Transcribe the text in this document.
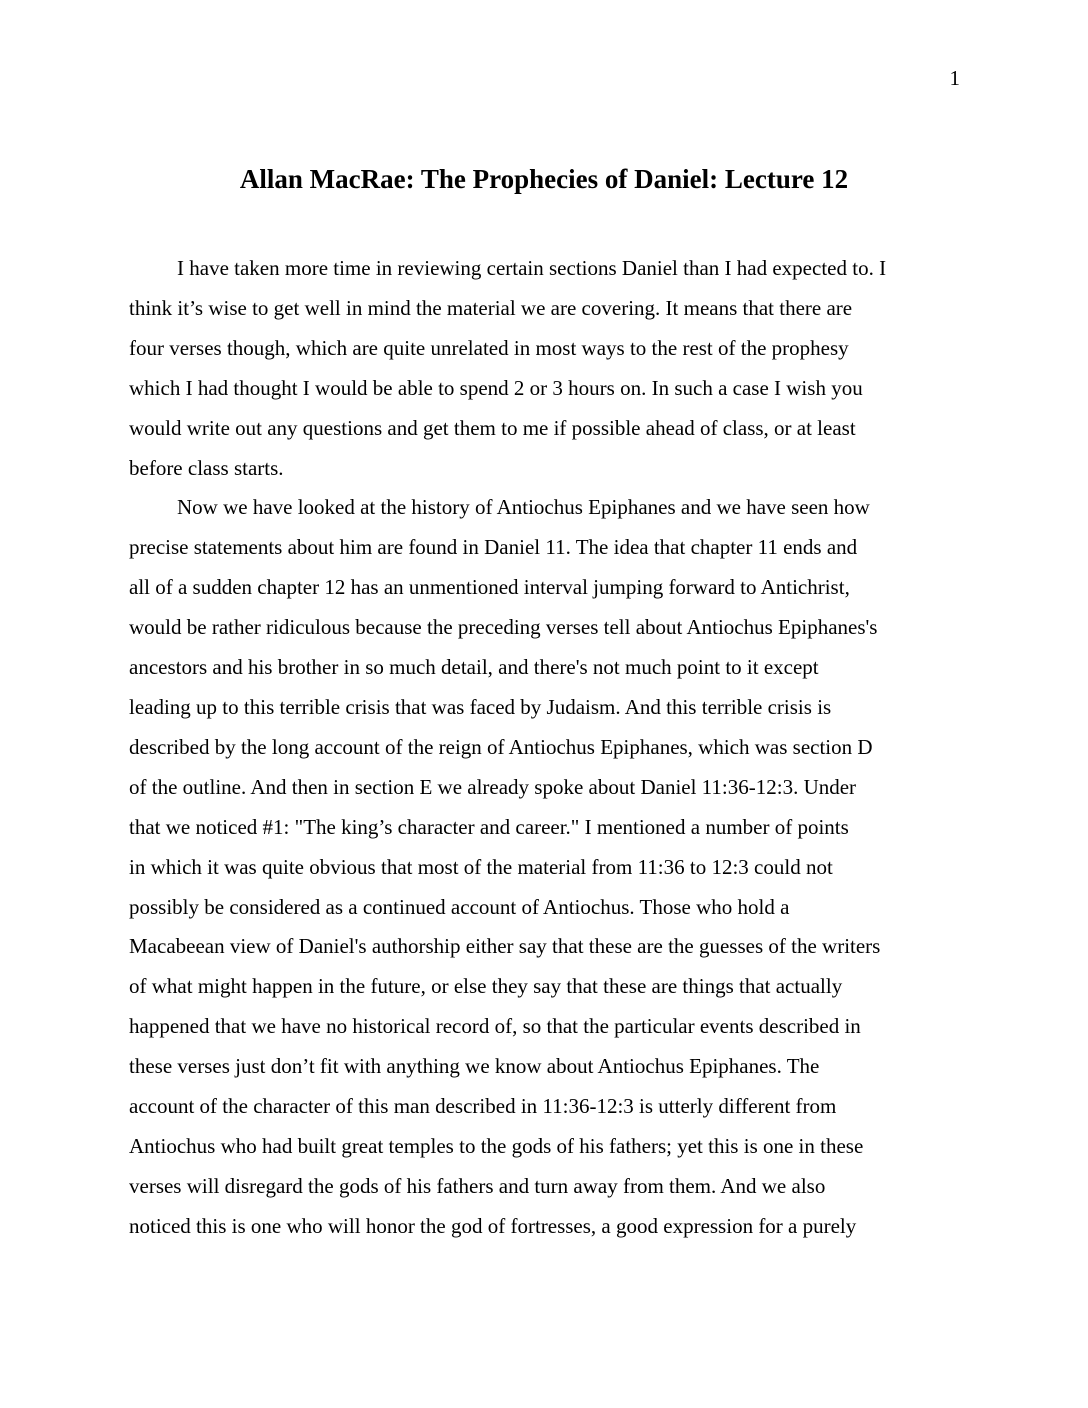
1
Allan MacRae: The Prophecies of Daniel: Lecture 12

I have taken more time in reviewing certain sections Daniel than I had expected to. I
think it’s wise to get well in mind the material we are covering. It means that there are
four verses though, which are quite unrelated in most ways to the rest of the prophesy
which I had thought I would be able to spend 2 or 3 hours on. In such a case I wish you
would write out any questions and get them to me if possible ahead of class, or at least
before class starts.

Now we have looked at the history of Antiochus Epiphanes and we have seen how
precise statements about him are found in Daniel 11. The idea that chapter 11 ends and
all of a sudden chapter 12 has an unmentioned interval jumping forward to Antichrist,
would be rather ridiculous because the preceding verses tell about Antiochus Epiphanes's
ancestors and his brother in so much detail, and there's not much point to it except
leading up to this terrible crisis that was faced by Judaism. And this terrible crisis is
described by the long account of the reign of Antiochus Epiphanes, which was section D
of the outline. And then in section E we already spoke about Daniel 11:36-12:3. Under
that we noticed #1: "The king’s character and career." I mentioned a number of points
in which it was quite obvious that most of the material from 11:36 to 12:3 could not
possibly be considered as a continued account of Antiochus. Those who hold a
Macabeean view of Daniel's authorship either say that these are the guesses of the writers
of what might happen in the future, or else they say that these are things that actually
happened that we have no historical record of, so that the particular events described in
these verses just don’t fit with anything we know about Antiochus Epiphanes. The
account of the character of this man described in 11:36-12:3 is utterly different from
Antiochus who had built great temples to the gods of his fathers; yet this is one in these
verses will disregard the gods of his fathers and turn away from them. And we also
noticed this is one who will honor the god of fortresses, a good expression for a purely
